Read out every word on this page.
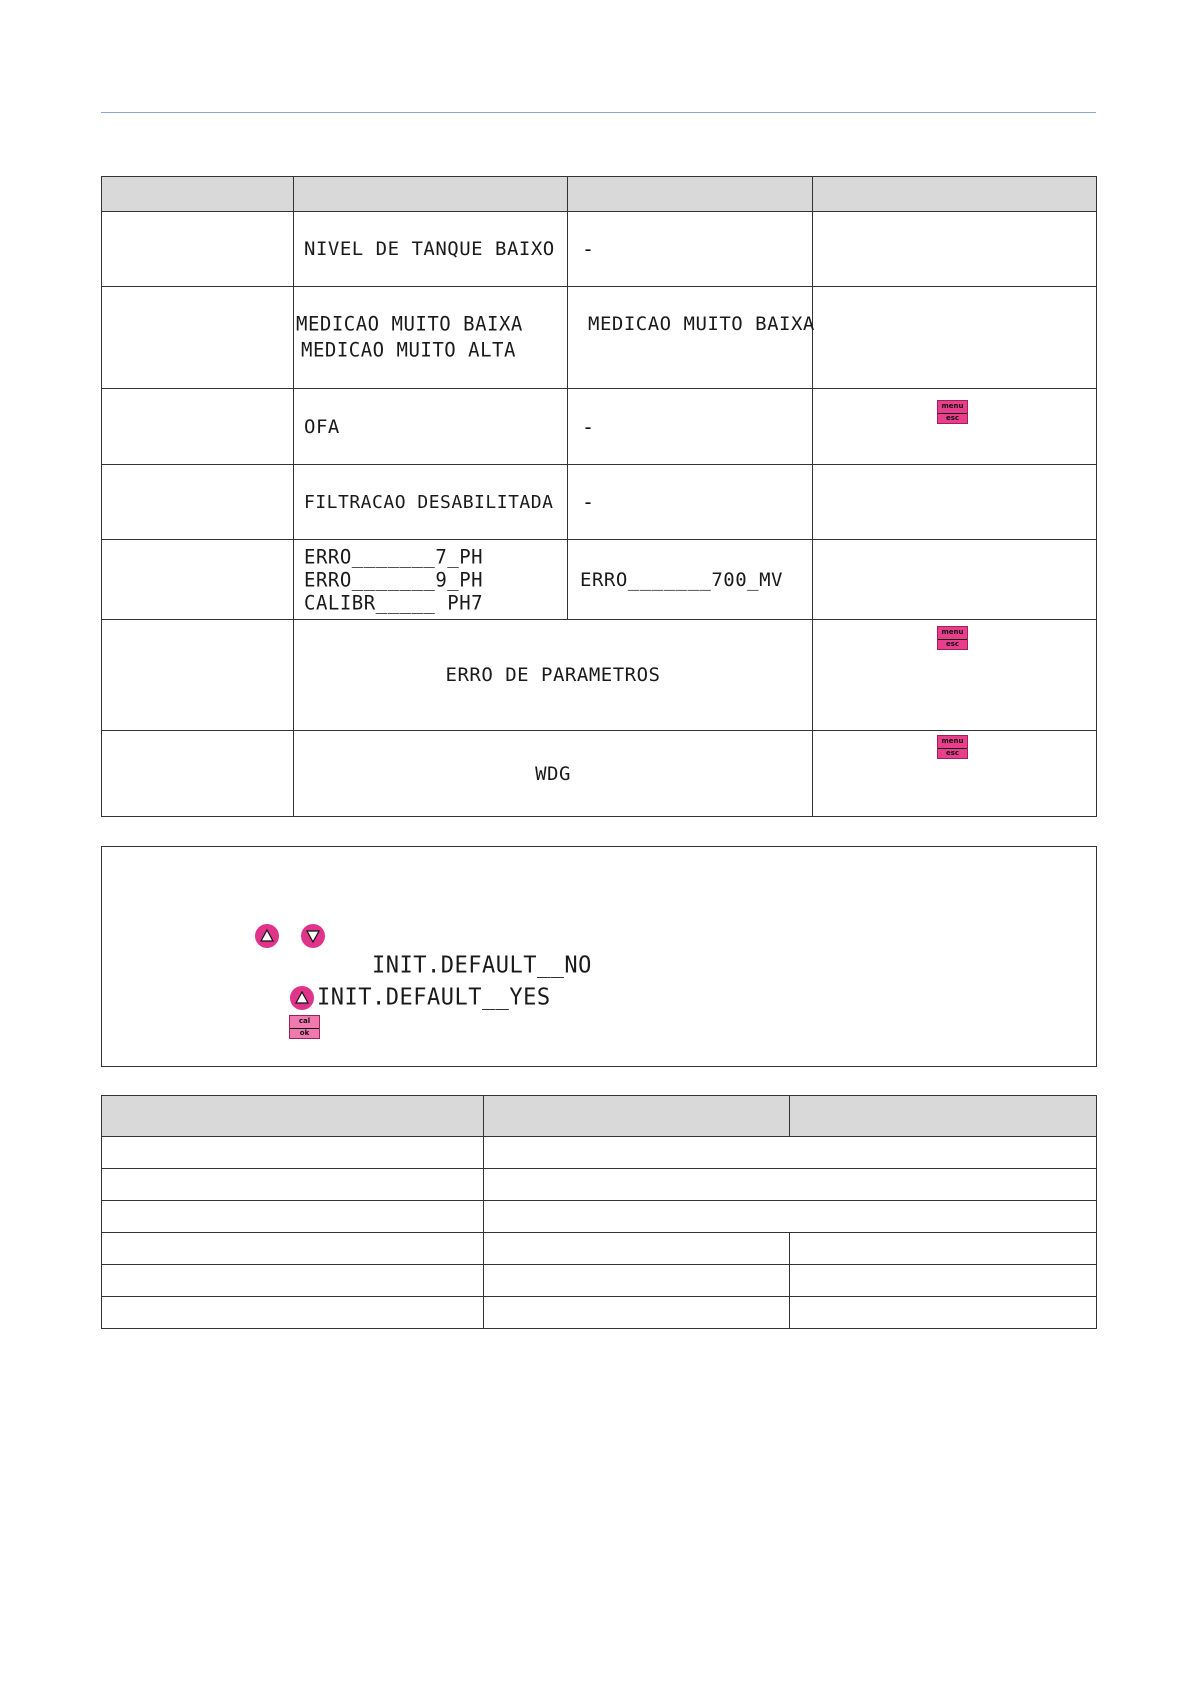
	NIVEL DE TANQUE BAIXO	-	

	MEDICAO MUITO BAIXA
MEDICAO MUITO ALTA	MEDICAO MUITO BAIXA	
	OFA	-	menu
esc

	FILTRACAO DESABILITADA	-	

	ERRO_______7_PH
ERRO_______9_PH
CALIBR_____ PH7	ERRO_______700_MV	
	ERRO DE PARAMETROS		menu
esc

	WDG		menu
esc
INIT.DEFAULT__NO
INIT.DEFAULT__YES
cal
ok
